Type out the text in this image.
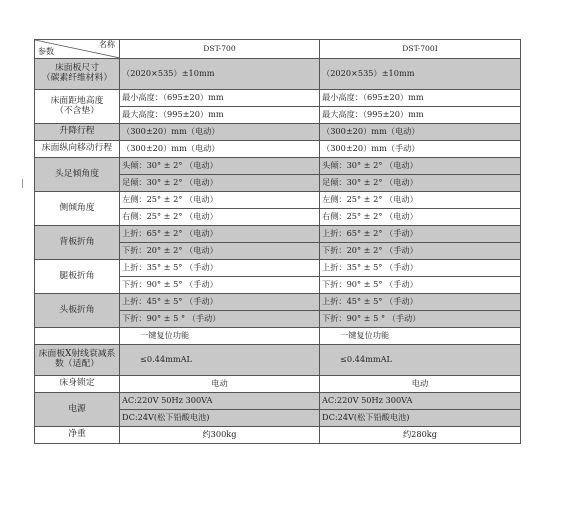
名称
参数	DST-700	DST-700I
床面板尺寸
（碳素纤维材料）	（2020×535）±10mm	（2020×535）±10mm
床面距地高度
（不含垫）	最小高度：（695±20）mm	最小高度：（695±20）mm
	最大高度：（995±20）mm	最大高度：（995±20）mm
升降行程	（300±20）mm（电动）	（300±20）mm（电动）
床面纵向移动行程	（300±20）mm（电动）	（300±20）mm（手动）
头足倾角度	头倾：30° ± 2° （电动）	头倾：30° ± 2° （电动）
	足倾：30° ± 2° （电动）	足倾：30° ± 2° （电动）
侧倾角度	左侧：25° ± 2° （电动）	左侧：25° ± 2° （电动）
	右侧：25° ± 2° （电动）	右侧：25° ± 2° （电动）
背板折角	上折：65° ± 2° （电动）	上折：65° ± 2° （手动）
	下折：20° ± 2° （电动）	下折：20° ± 2° （手动）
腿板折角	上折：35° ± 5° （手动）	上折：35° ± 5° （手动）
	下折：90° ± 5° （手动）	下折：90° ± 5° （手动）
头板折角	上折：45° ± 5° （手动）	上折：45° ± 5° （手动）
	下折：90° ± 5 ° （手动）	下折：90° ± 5 ° （手动）
	一键复位功能	一键复位功能
床面板X射线衰减系数（适配）	≤0.44mmAL	≤0.44mmAL
床身锁定	电动	电动
电源	AC:220V 50Hz 300VA	AC:220V 50Hz 300VA
	DC:24V(松下铅酸电池)	DC:24V(松下铅酸电池)
净重	约300kg	约280kg
